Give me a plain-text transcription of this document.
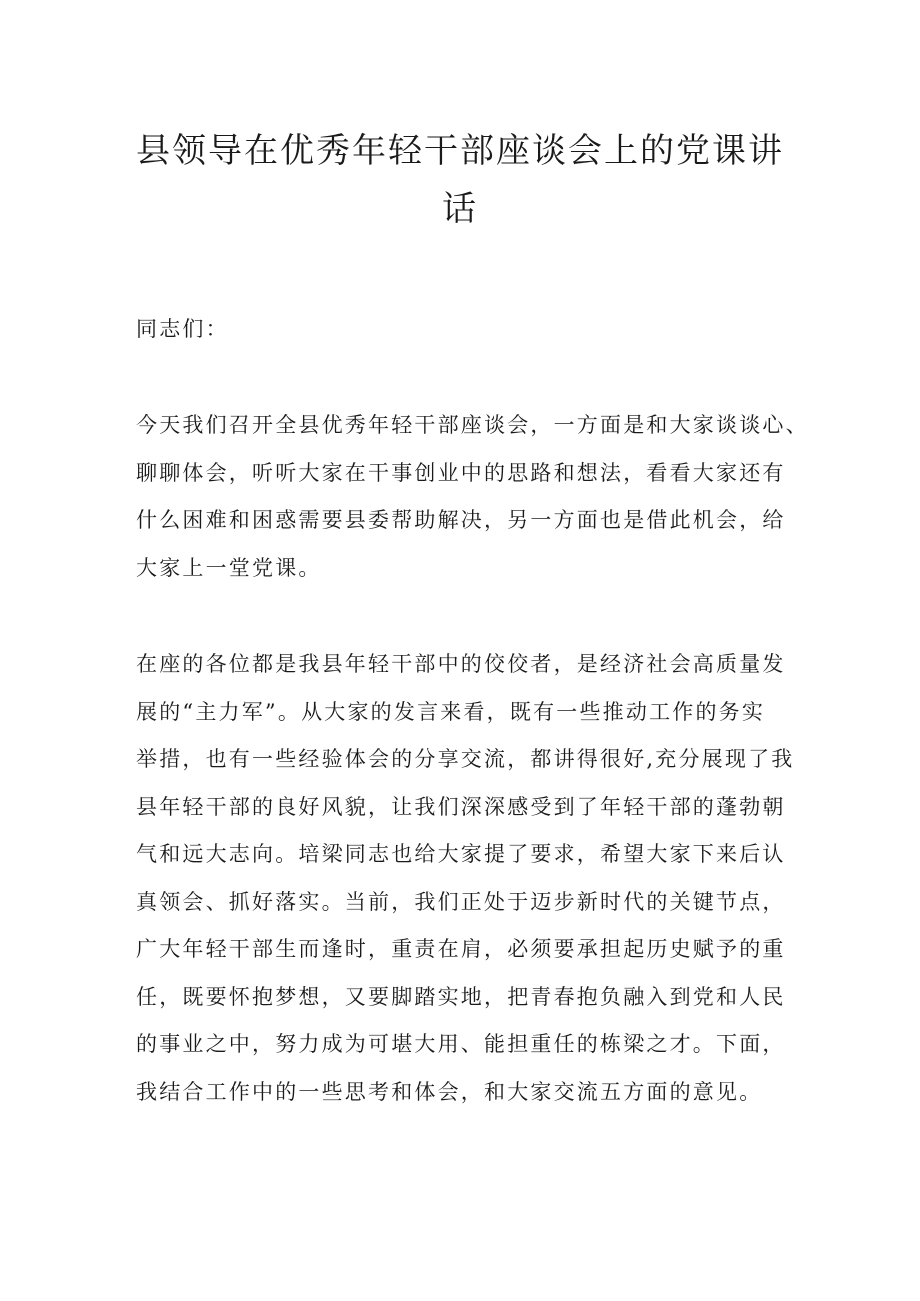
县领导在优秀年轻干部座谈会上的党课讲
话

同志们：

今天我们召开全县优秀年轻干部座谈会，一方面是和大家谈谈心、
聊聊体会，听听大家在干事创业中的思路和想法，看看大家还有
什么困难和困惑需要县委帮助解决，另一方面也是借此机会，给
大家上一堂党课。

在座的各位都是我县年轻干部中的佼佼者，是经济社会高质量发
展的“主力军”。从大家的发言来看，既有一些推动工作的务实
举措，也有一些经验体会的分享交流，都讲得很好,充分展现了我
县年轻干部的良好风貌，让我们深深感受到了年轻干部的蓬勃朝
气和远大志向。培梁同志也给大家提了要求，希望大家下来后认
真领会、抓好落实。当前，我们正处于迈步新时代的关键节点，
广大年轻干部生而逢时，重责在肩，必须要承担起历史赋予的重
任，既要怀抱梦想，又要脚踏实地，把青春抱负融入到党和人民
的事业之中，努力成为可堪大用、能担重任的栋梁之才。下面，
我结合工作中的一些思考和体会，和大家交流五方面的意见。
